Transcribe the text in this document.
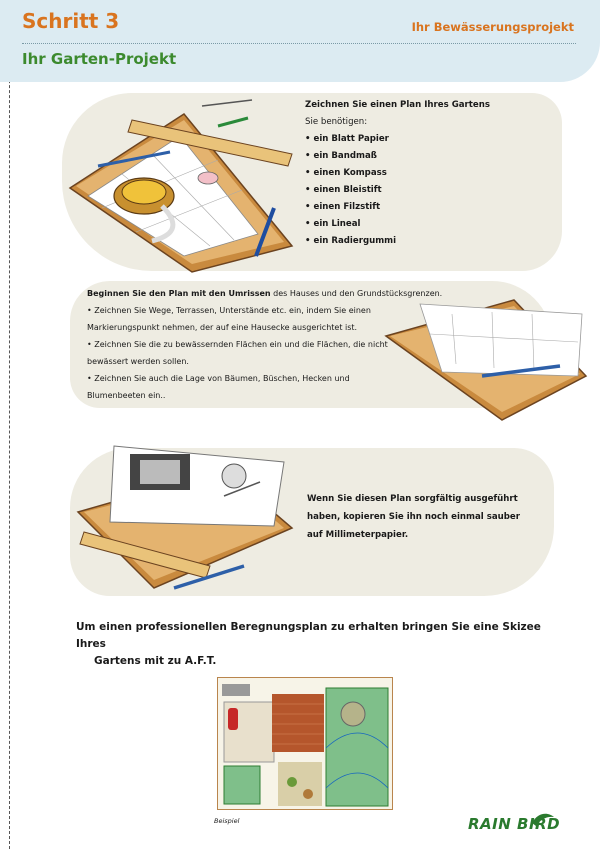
Schritt 3	Ihr Bewässerungsprojekt
Ihr Garten-Projekt
Zeichnen Sie einen Plan Ihres Gartens
Sie benötigen:
• ein Blatt Papier
• ein Bandmaß
• einen Kompass
• einen Bleistift
• einen Filzstift
• ein Lineal
• ein Radiergummi
Beginnen Sie den Plan mit den Umrissen des Hauses und den Grundstücksgrenzen.
• Zeichnen Sie Wege, Terrassen, Unterstände etc. ein, indem Sie einen
Markierungspunkt nehmen, der auf eine Hausecke ausgerichtet ist.
• Zeichnen Sie die zu bewässernden Flächen ein und die Flächen, die nicht
bewässert werden sollen.
• Zeichnen Sie auch die Lage von Bäumen, Büschen, Hecken und
Blumenbeeten ein..
Wenn Sie diesen Plan sorgfältig ausgeführt
haben, kopieren Sie ihn noch einmal sauber
auf Millimeterpapier.
Um einen professionellen Beregnungsplan zu erhalten bringen Sie eine Skizee Ihres
Gartens mit zu A.F.T.
Beispiel	RAIN BIRD
